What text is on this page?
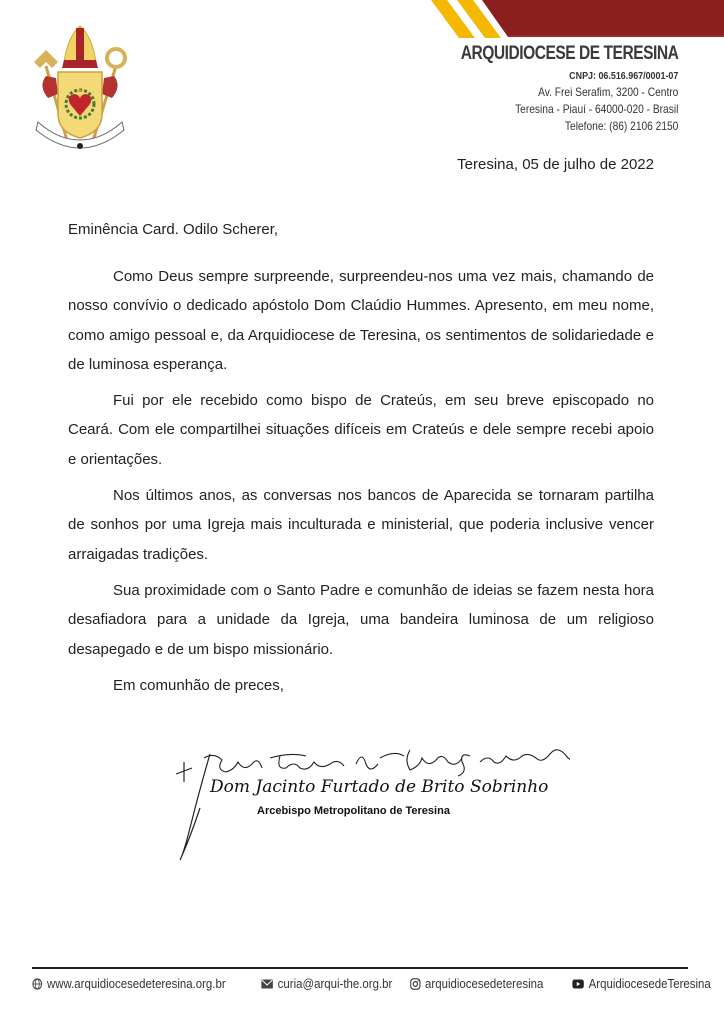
ARQUIDIOCESE DE TERESINA
CNPJ: 06.516.967/0001-07
Av. Frei Serafim, 3200 - Centro
Teresina - Piauí - 64000-020 - Brasil
Telefone: (86) 2106 2150
Teresina, 05 de julho de 2022
Eminência Card. Odilo Scherer,

Como Deus sempre surpreende, surpreendeu-nos uma vez mais, chamando de nosso convívio o dedicado apóstolo Dom Claúdio Hummes. Apresento, em meu nome, como amigo pessoal e, da Arquidiocese de Teresina, os sentimentos de solidariedade e de luminosa esperança.

Fui por ele recebido como bispo de Crateús, em seu breve episcopado no Ceará. Com ele compartilhei situações difíceis em Crateús e dele sempre recebi apoio e orientações.

Nos últimos anos, as conversas nos bancos de Aparecida se tornaram partilha de sonhos por uma Igreja mais inculturada e ministerial, que poderia inclusive vencer arraigadas tradições.

Sua proximidade com o Santo Padre e comunhão de ideias se fazem nesta hora desafiadora para a unidade da Igreja, uma bandeira luminosa de um religioso desapegado e de um bispo missionário.

Em comunhão de preces,

Dom Jacinto Furtado de Brito Sobrinho
Arcebispo Metropolitano de Teresina
www.arquidiocesedeteresina.org.br	curia@arqui-the.org.br	arquidiocesedeteresina	ArquidiocesedeTeresina
